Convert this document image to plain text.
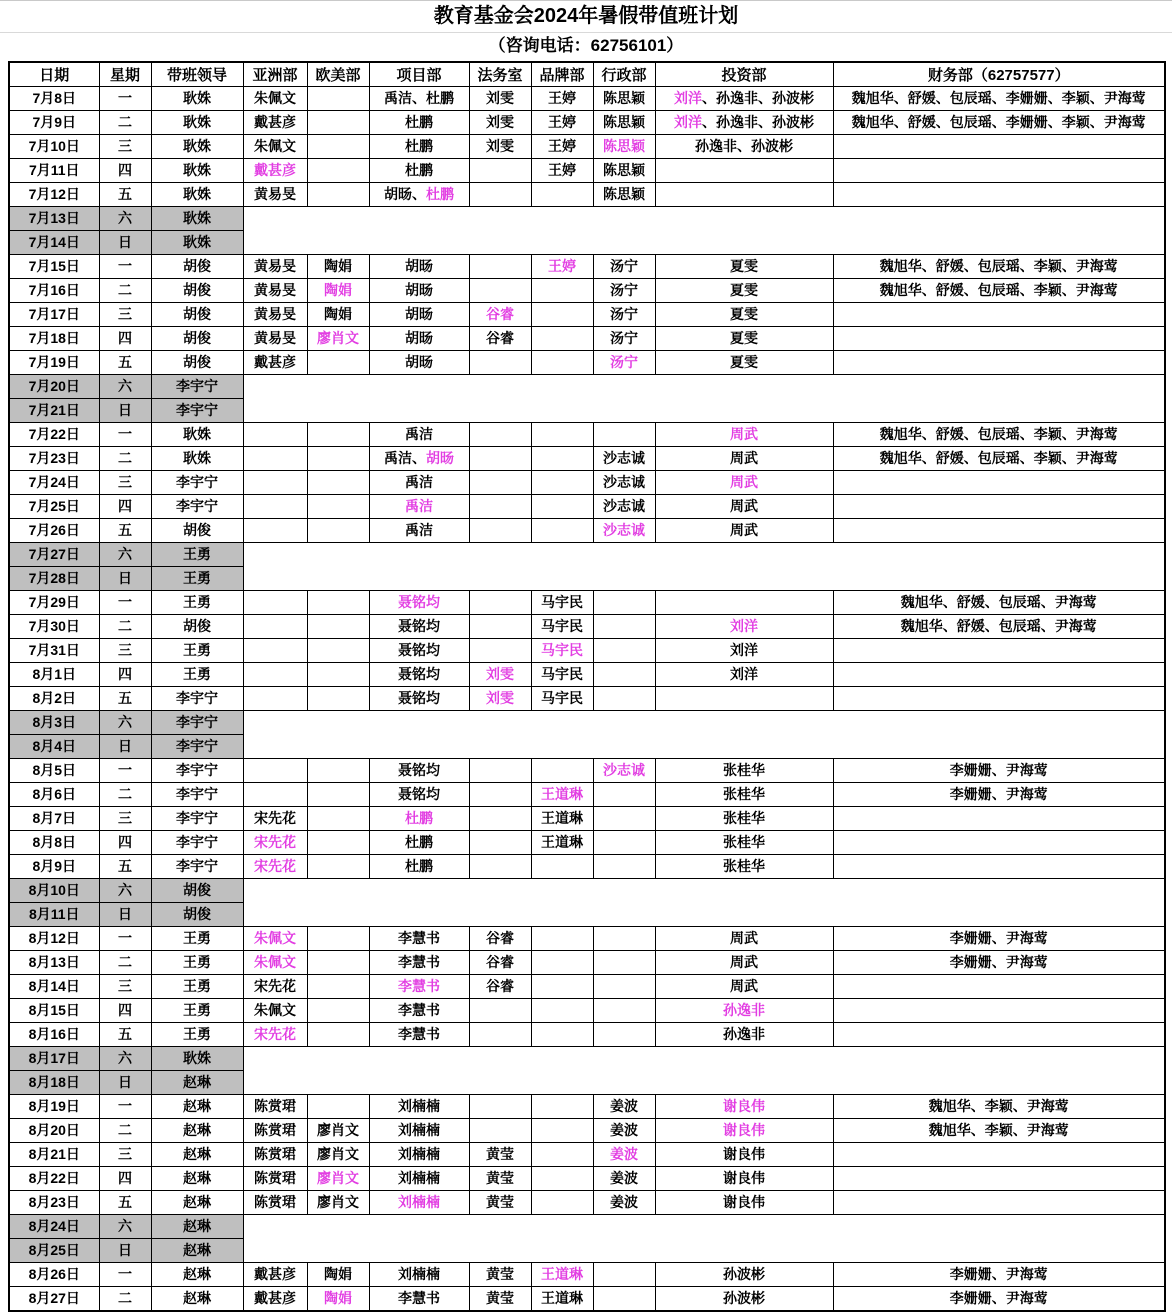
教育基金会2024年暑假带值班计划
（咨询电话：62756101）
日期	星期	带班领导	亚洲部	欧美部	项目部	法务室	品牌部	行政部	投资部	财务部（62757577）
7月8日	一	耿姝	朱佩文		禹洁、杜鹏	刘雯	王婷	陈思颖	刘洋、孙逸非、孙波彬	魏旭华、舒媛、包辰瑶、李姗姗、李颖、尹海莺
7月9日	二	耿姝	戴甚彦		杜鹏	刘雯	王婷	陈思颖	刘洋、孙逸非、孙波彬	魏旭华、舒媛、包辰瑶、李姗姗、李颖、尹海莺
7月10日	三	耿姝	朱佩文		杜鹏	刘雯	王婷	陈思颖	孙逸非、孙波彬	
7月11日	四	耿姝	戴甚彦		杜鹏		王婷	陈思颖		
7月12日	五	耿姝	黄易旻		胡旸、杜鹏			陈思颖		
7月13日	六	耿姝								
7月14日	日	耿姝								
7月15日	一	胡俊	黄易旻	陶娟	胡旸		王婷	汤宁	夏雯	魏旭华、舒媛、包辰瑶、李颖、尹海莺
7月16日	二	胡俊	黄易旻	陶娟	胡旸			汤宁	夏雯	魏旭华、舒媛、包辰瑶、李颖、尹海莺
7月17日	三	胡俊	黄易旻	陶娟	胡旸	谷睿		汤宁	夏雯	
7月18日	四	胡俊	黄易旻	廖肖文	胡旸	谷睿		汤宁	夏雯	
7月19日	五	胡俊	戴甚彦		胡旸			汤宁	夏雯	
7月20日	六	李宇宁								
7月21日	日	李宇宁								
7月22日	一	耿姝			禹洁				周武	魏旭华、舒媛、包辰瑶、李颖、尹海莺
7月23日	二	耿姝			禹洁、胡旸			沙志诚	周武	魏旭华、舒媛、包辰瑶、李颖、尹海莺
7月24日	三	李宇宁			禹洁			沙志诚	周武	
7月25日	四	李宇宁			禹洁			沙志诚	周武	
7月26日	五	胡俊			禹洁			沙志诚	周武	
7月27日	六	王勇								
7月28日	日	王勇								
7月29日	一	王勇			聂铭均		马宇民			魏旭华、舒媛、包辰瑶、尹海莺
7月30日	二	胡俊			聂铭均		马宇民		刘洋	魏旭华、舒媛、包辰瑶、尹海莺
7月31日	三	王勇			聂铭均		马宇民		刘洋	
8月1日	四	王勇			聂铭均	刘雯	马宇民		刘洋	
8月2日	五	李宇宁			聂铭均	刘雯	马宇民			
8月3日	六	李宇宁								
8月4日	日	李宇宁								
8月5日	一	李宇宁			聂铭均			沙志诚	张桂华	李姗姗、尹海莺
8月6日	二	李宇宁			聂铭均		王道琳		张桂华	李姗姗、尹海莺
8月7日	三	李宇宁	宋先花		杜鹏		王道琳		张桂华	
8月8日	四	李宇宁	宋先花		杜鹏		王道琳		张桂华	
8月9日	五	李宇宁	宋先花		杜鹏				张桂华	
8月10日	六	胡俊								
8月11日	日	胡俊								
8月12日	一	王勇	朱佩文		李慧书	谷睿			周武	李姗姗、尹海莺
8月13日	二	王勇	朱佩文		李慧书	谷睿			周武	李姗姗、尹海莺
8月14日	三	王勇	宋先花		李慧书	谷睿			周武	
8月15日	四	王勇	朱佩文		李慧书				孙逸非	
8月16日	五	王勇	宋先花		李慧书				孙逸非	
8月17日	六	耿姝								
8月18日	日	赵琳								
8月19日	一	赵琳	陈赏珺		刘楠楠			姜波	谢良伟	魏旭华、李颖、尹海莺
8月20日	二	赵琳	陈赏珺	廖肖文	刘楠楠			姜波	谢良伟	魏旭华、李颖、尹海莺
8月21日	三	赵琳	陈赏珺	廖肖文	刘楠楠	黄莹		姜波	谢良伟	
8月22日	四	赵琳	陈赏珺	廖肖文	刘楠楠	黄莹		姜波	谢良伟	
8月23日	五	赵琳	陈赏珺	廖肖文	刘楠楠	黄莹		姜波	谢良伟	
8月24日	六	赵琳								
8月25日	日	赵琳								
8月26日	一	赵琳	戴甚彦	陶娟	刘楠楠	黄莹	王道琳		孙波彬	李姗姗、尹海莺
8月27日	二	赵琳	戴甚彦	陶娟	李慧书	黄莹	王道琳		孙波彬	李姗姗、尹海莺
